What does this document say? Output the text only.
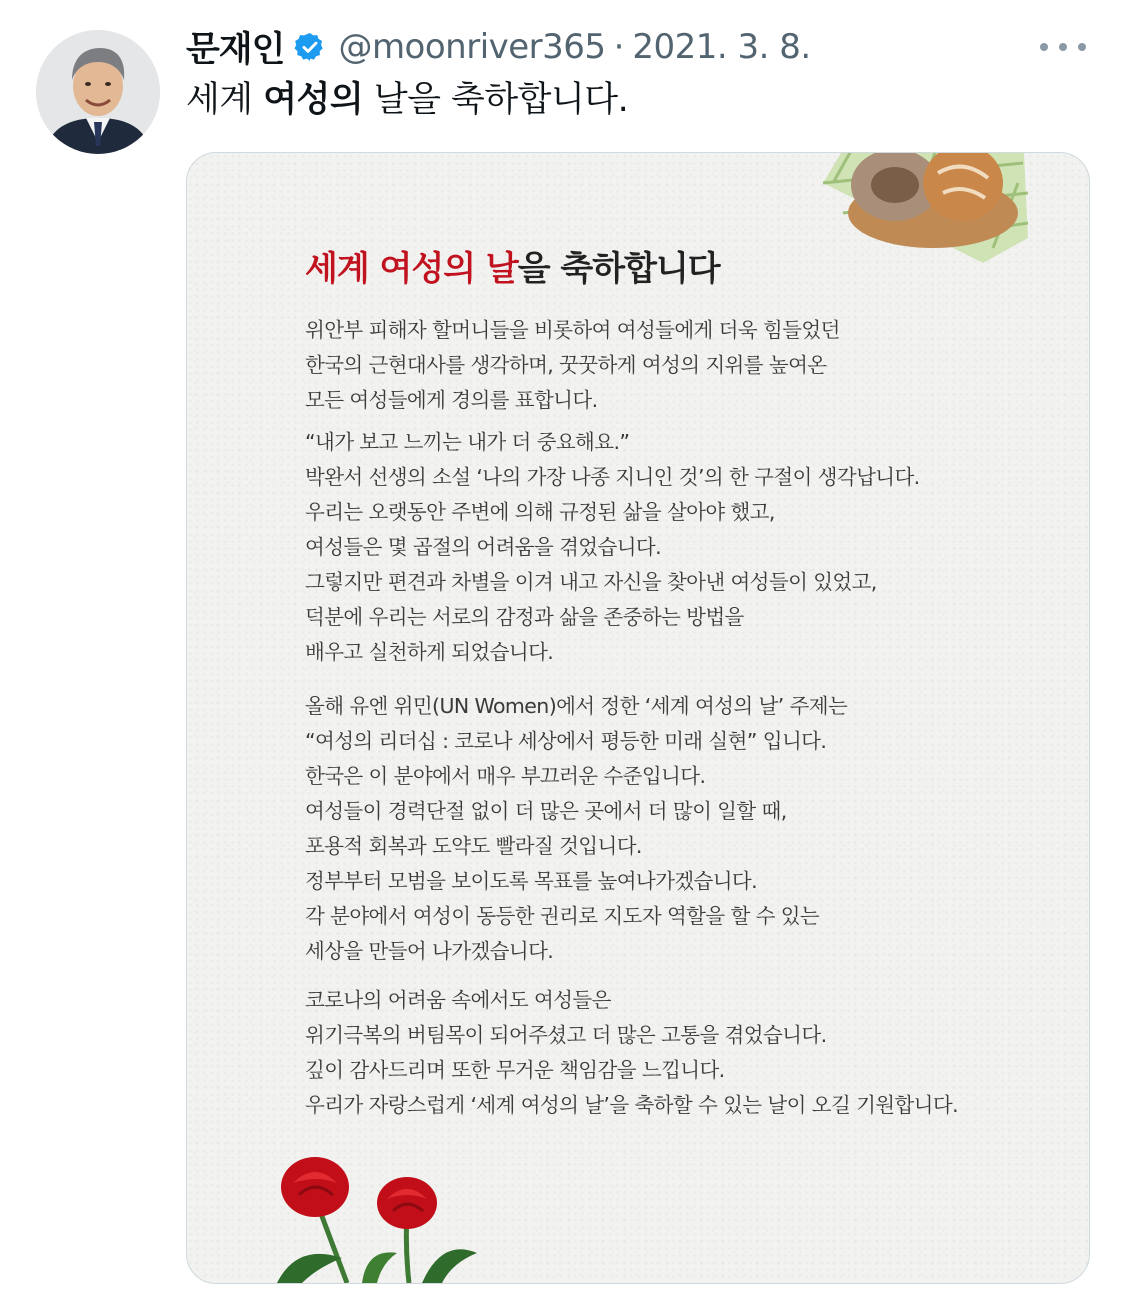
문재인 @moonriver365 · 2021. 3. 8.
세계 여성의 날을 축하합니다.
세계 여성의 날을 축하합니다

위안부 피해자 할머니들을 비롯하여 여성들에게 더욱 힘들었던
한국의 근현대사를 생각하며, 꿋꿋하게 여성의 지위를 높여온
모든 여성들에게 경의를 표합니다.

“내가 보고 느끼는 내가 더 중요해요.”
박완서 선생의 소설 ‘나의 가장 나종 지니인 것’의 한 구절이 생각납니다.
우리는 오랫동안 주변에 의해 규정된 삶을 살아야 했고,
여성들은 몇 곱절의 어려움을 겪었습니다.
그렇지만 편견과 차별을 이겨 내고 자신을 찾아낸 여성들이 있었고,
덕분에 우리는 서로의 감정과 삶을 존중하는 방법을
배우고 실천하게 되었습니다.

올해 유엔 위민(UN Women)에서 정한 ‘세계 여성의 날’ 주제는
“여성의 리더십 : 코로나 세상에서 평등한 미래 실현” 입니다.
한국은 이 분야에서 매우 부끄러운 수준입니다.
여성들이 경력단절 없이 더 많은 곳에서 더 많이 일할 때,
포용적 회복과 도약도 빨라질 것입니다.
정부부터 모범을 보이도록 목표를 높여나가겠습니다.
각 분야에서 여성이 동등한 권리로 지도자 역할을 할 수 있는
세상을 만들어 나가겠습니다.

코로나의 어려움 속에서도 여성들은
위기극복의 버팀목이 되어주셨고 더 많은 고통을 겪었습니다.
깊이 감사드리며 또한 무거운 책임감을 느낍니다.
우리가 자랑스럽게 ‘세계 여성의 날’을 축하할 수 있는 날이 오길 기원합니다.
